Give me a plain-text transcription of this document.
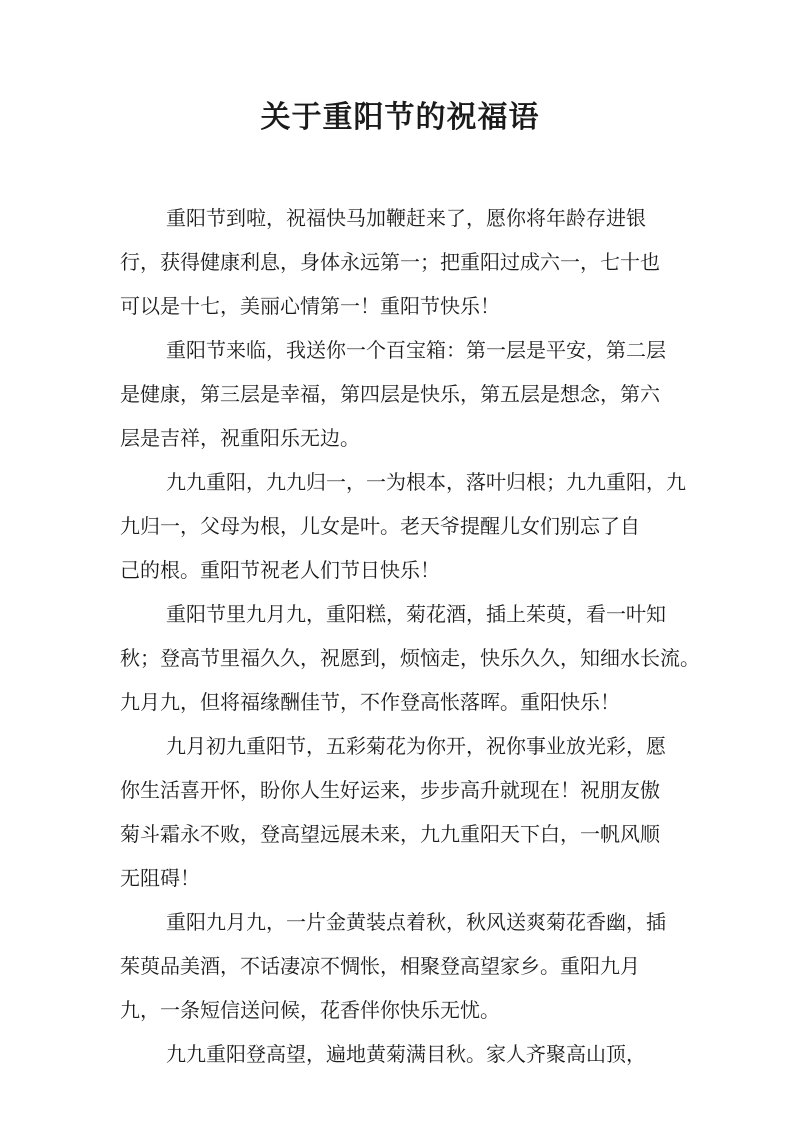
关于重阳节的祝福语
重阳节到啦，祝福快马加鞭赶来了，愿你将年龄存进银
行，获得健康利息，身体永远第一；把重阳过成六一，七十也
可以是十七，美丽心情第一！重阳节快乐！
重阳节来临，我送你一个百宝箱：第一层是平安，第二层
是健康，第三层是幸福，第四层是快乐，第五层是想念，第六
层是吉祥，祝重阳乐无边。
九九重阳，九九归一，一为根本，落叶归根；九九重阳，九
九归一，父母为根，儿女是叶。老天爷提醒儿女们别忘了自
己的根。重阳节祝老人们节日快乐！
重阳节里九月九，重阳糕，菊花酒，插上茱萸，看一叶知
秋；登高节里福久久，祝愿到，烦恼走，快乐久久，知细水长流。
九月九，但将福缘酬佳节，不作登高怅落晖。重阳快乐！
九月初九重阳节，五彩菊花为你开，祝你事业放光彩，愿
你生活喜开怀，盼你人生好运来，步步高升就现在！祝朋友傲
菊斗霜永不败，登高望远展未来，九九重阳天下白，一帆风顺
无阻碍！
重阳九月九，一片金黄装点着秋，秋风送爽菊花香幽，插
茱萸品美酒，不话凄凉不惆怅，相聚登高望家乡。重阳九月
九，一条短信送问候，花香伴你快乐无忧。
九九重阳登高望，遍地黄菊满目秋。家人齐聚高山顶，
